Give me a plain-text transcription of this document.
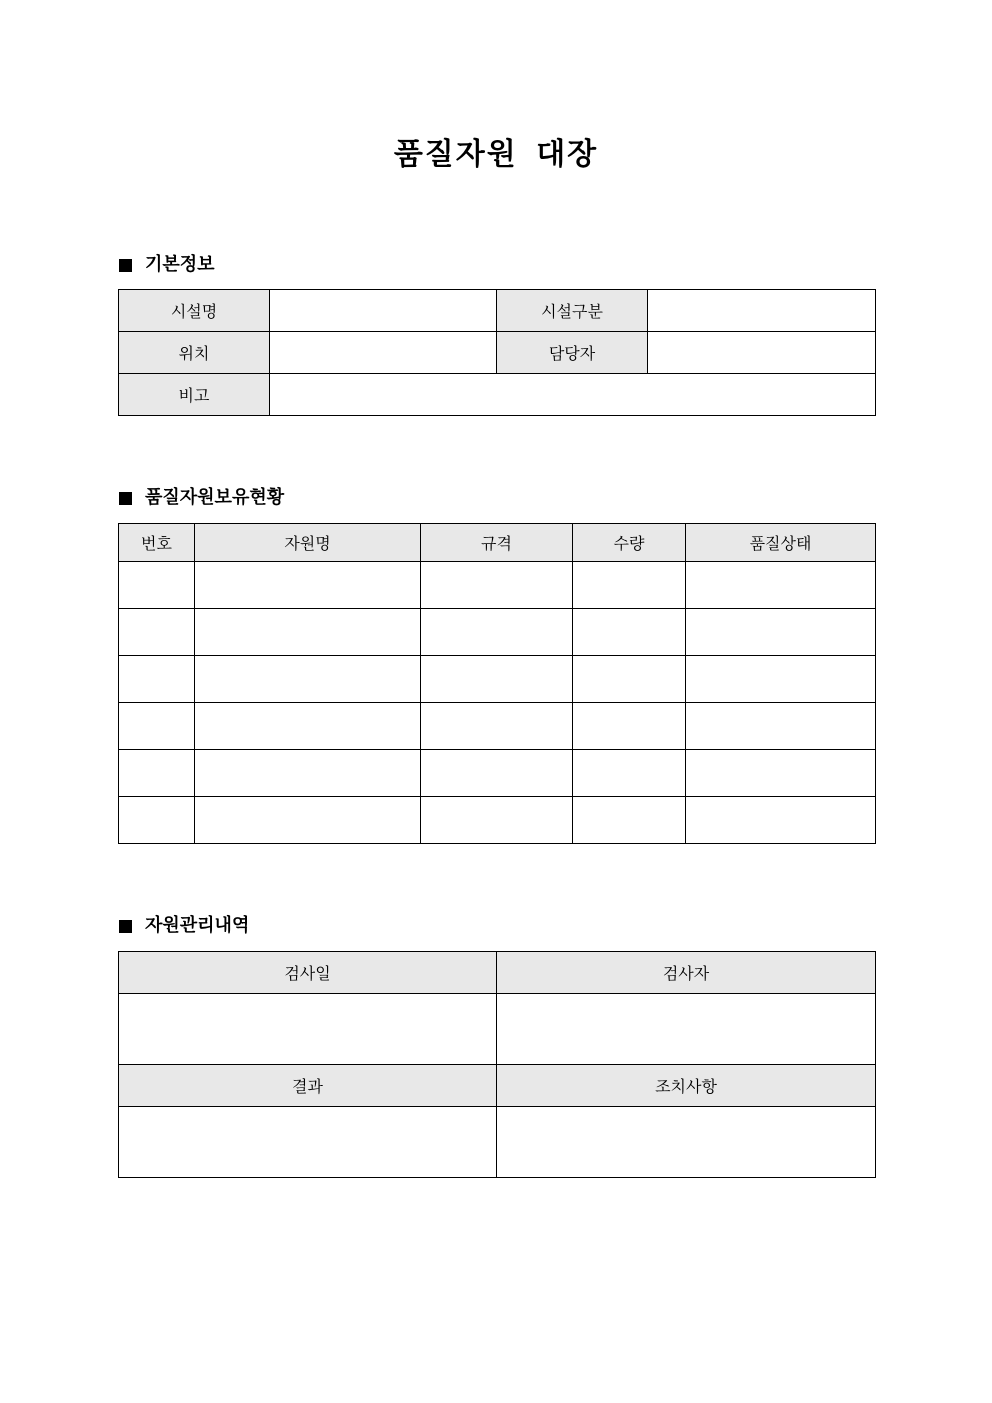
품질자원 대장
기본정보
시설명		시설구분	
위치		담당자	
비고			
품질자원보유현황
번호	자원명	규격	수량	품질상태

자원관리내역
검사일	검사자

결과	조치사항
